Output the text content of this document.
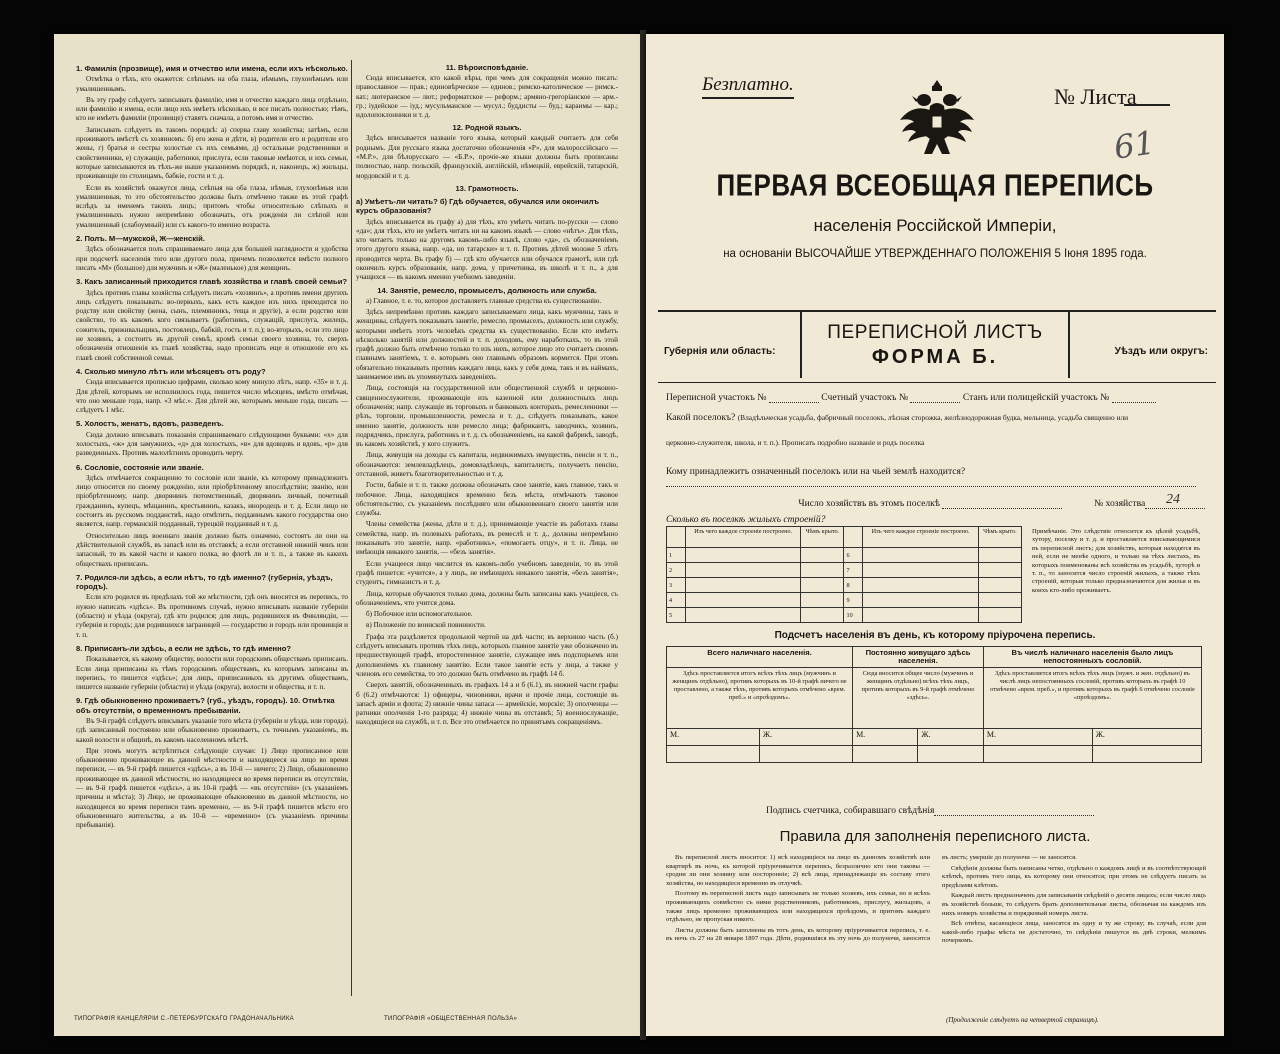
1. Фамилія (прозвище), имя и отчество или имена, если ихъ нѣсколько.

Отмѣтка о тѣхъ, кто окажется: слѣпымъ на оба глаза, нѣмымъ, глухонѣмымъ или умалишеннымъ.

Въ эту графу слѣдуетъ записывать фамилію, имя и отчество каждаго лица отдѣльно, или фамилію и имена, если лицо ихъ имѣетъ нѣсколько, и все писать полностью; тѣмъ, кто не имѣетъ фамиліи (прозвище) ставятъ сначала, а потомъ имя и отчество.

Записывать слѣдуетъ въ такомъ порядкѣ: а) сперва главу хозяйства; затѣмъ, если проживаютъ вмѣстѣ съ хозяиномъ: б) его жена и дѣти, в) родители его и родители его жены, г) братья и сестры холостые съ ихъ семьями, д) остальные родственники и свойственники, е) служащіе, работники, прислуга, если таковые имѣются, и ихъ семьи, которые записываются въ тѣхъ-же выше указанномъ порядкѣ, и, наконецъ, ж) жильцы, проживающіе по столицамъ, бабкіе, гости и т. д.

Если въ хозяйствѣ окажутся лица, слѣпыя на оба глаза, нѣмыя, глухонѣмыя или умалишенныя, то это обстоятельство должны быть отмѣчено также въ этой графѣ вслѣдъ за именемъ такихъ лицъ; притомъ чтобы относительно слѣпыхъ и умалишенныхъ нужно непремѣнно обозначать, отъ рожденія ли слѣпой или умалишенный (слабоумный) или съ какого-то именно возраста.

2. Полъ. М—мужской, Ж—женскій.

Здѣсь обозначается полъ спрашиваемаго лица для большей наглядности и удобства при подсчетѣ населенія того или другого пола, причемъ позволяется вмѣсто полного писать «М» (большое) для мужчинъ и «Ж» (маленькое) для женщинъ.

3. Какъ записанный приходится главѣ хозяйства и главѣ своей семьи?

Здѣсь противъ главы хозяйства слѣдуетъ писать «хозяинъ», а противъ имени другихъ лицъ слѣдуетъ показывать: во-первыхъ, какъ есть каждое изъ нихъ приходится по родству или свойству (жена, сынъ, племянникъ, теща и другіе), а если родство или свойство, то къ какомъ кого связываетъ (работникъ, служащій, прислуга, жилецъ, сожитель, приживальщикъ, постоялецъ, бабкій, гость и т. п.); во-вторыхъ, если это лицо не хозяинъ, а состоитъ въ другой семьѣ, кромѣ семьи своего хозяина, то, сверхъ обозначенія отношенія къ главѣ хозяйства, надо прописать еще и отношеніе его къ главѣ своей собственной семьи.

4. Сколько минуло лѣтъ или мѣсяцевъ отъ роду?

Сюда вписывается прописью цифрами, сколько кому минуло лѣтъ, напр. «35» и т. д. Для дѣтей, которымъ не исполнилось года, пишется число мѣсяцевъ, вмѣсто отмѣчая, что оно меньше года, напр. «3 мѣс.». Для дѣтей же, которымъ меньше года, писать — слѣдуетъ 1 мѣс.

5. Холостъ, женатъ, вдовъ, разведенъ.

Сюда должно вписывать показанія спрашиваемаго слѣдующими буквами: «х» для холостыхъ, «ж» для замужнихъ, «д» для холостыхъ, «в» для вдовцовъ и вдовъ, «р» для разведенныхъ. Противъ малолѣтнихъ проводить черту.

6. Сословіе, состояніе или званіе.

Здѣсь отмѣчается сокращенно то сословіе или званіе, къ которому принадлежитъ лицо относится по своему рожденію, или пріобрѣтенному впослѣдствіи; званію, или пріобрѣтенному, напр. дворянинъ потомственный, дворянинъ личный, почетный гражданинъ, купецъ, мѣщанинъ, крестьянинъ, казакъ, инородецъ и т. д. Если лицо не состоитъ въ русскомъ подданствѣ, надо отмѣтить, подданнымъ какого государства оно является, напр. германскій подданный, турецкій подданный и т. д.

Относительно лицъ военнаго званія должно быть означено, состоятъ ли они на дѣйствительной службѣ, въ запасѣ или въ отставкѣ; а если отставной нижній чинъ или запасный, то въ какой части и какого полка, во флотѣ ли и т. п., а также въ какихъ обществахъ приписанъ.

7. Родился-ли здѣсь, а если нѣтъ, то гдѣ именно? (губернія, уѣздъ, городъ).

Если кто родился въ предѣлахъ той же мѣстности, гдѣ онъ вносится въ перепись, то нужно написать «здѣсь». Въ противномъ случаѣ, нужно вписывать названіе губерніи (области) и уѣзда (округа), гдѣ кто родился; для лицъ, родившихся въ Финляндіи, — губернія и городъ; для родившихся заграницей — государство и городъ или провинція и т. п.

8. Приписанъ-ли здѣсь, а если не здѣсь, то гдѣ именно?

Показывается, къ какому обществу, волости или городскимъ обществамъ приписанъ. Если лица приписаны къ тѣмъ городскимъ обществамъ, къ которымъ записаны въ перепись, то пишется «здѣсь»; для лицъ, приписанныхъ къ другимъ обществамъ, пишется названіе губерніи (области) и уѣзда (округа), волости и общества, и т. п.

9. Гдѣ обыкновенно проживаетъ? (губ., уѣздъ, городъ). 10. Отмѣтка объ отсутствіи, о временномъ пребываніи.

Въ 9-й графѣ слѣдуетъ вписывать указаніе того мѣста (губерніи и уѣзда, или города), гдѣ записанный постоянно или обыкновенно проживаетъ, съ точнымъ указаніемъ, въ какой волости и общинѣ, въ какомъ населенномъ мѣстѣ.

При этомъ могутъ встрѣтиться слѣдующіе случаи: 1) Лицо прописанное или обыкновенно проживающее въ данной мѣстности и находящееся на лицо во время переписи, — въ 9-й графѣ пишется «здѣсь», а въ 10-й — ничего; 2) Лицо, обыкновенно проживающее въ данной мѣстности, но находящееся во время переписи въ отсутствіи, — въ 9-й графѣ пишется «здѣсь», а въ 10-й графѣ — «въ отсутствіи» (съ указаніемъ причины и мѣста); 3) Лицо, не проживающее обыкновенно въ данной мѣстности, но находящееся во время переписи тамъ временно, — въ 9-й графѣ пишется мѣсто его обыкновеннаго жительства, а въ 10-й — «временно» (съ указаніемъ причины пребыванія).

11. Вѣроисповѣданіе.

Сюда вписывается, кто какой вѣры, при чемъ для сокращенія можно писать: православное — прав.; единовѣрческое — единов.; римско-католическое — римск.-кат.; лютеранское — лют.; реформатское — реформ.; армяно-грегоріанское — арм.-гр.; іудейское — іуд.; мусульманское — мусул.; буддисты — буд.; караимы — кар.; идолопоклонники и т. д.

12. Родной языкъ.

Здѣсь вписывается названіе того языка, который каждый считаетъ для себя роднымъ. Для русскаго языка достаточно обозначенія «Р», для малороссійскаго — «М.Р.», для бѣлорусскаго — «Б.Р.», прочіе-же языки должны быть прописаны полностью, напр. польскій, французскій, англійскій, нѣмецкій, еврейскій, татарскій, мордовскій и т. д.

13. Грамотность.

а) Умѣетъ-ли читать? б) Гдѣ обучается, обучался или окончилъ курсъ образованія?

Здѣсь вписывается въ графу а) для тѣхъ, кто умѣетъ читать по-русски — слово «да»; для тѣхъ, кто не умѣетъ читать ни на какомъ языкѣ — слово «нѣтъ». Для тѣхъ, кто читаетъ только на другомъ какомъ-либо языкѣ, слово «да», съ обозначеніемъ этого другого языка, напр. «да, но татарски» и т. п. Противъ дѣтей моложе 5 лѣтъ проводится черта. Въ графу б) — гдѣ кто обучается или обучался грамотѣ, или гдѣ окончилъ курсъ образованія, напр. дома, у причетника, въ школѣ и т. п., а для учащихся — въ какомъ именно учебномъ заведеніи.

14. Занятіе, ремесло, промыселъ, должность или служба.

а) Главное, т. е. то, которое доставляетъ главные средства къ существованію.

Здѣсь непремѣнно противъ каждаго записываемаго лица, какъ мужчины, такъ и женщины, слѣдуетъ показывать занятіе, ремесло, промыселъ, должность или службу, которыми имѣетъ этотъ человѣкъ средства къ существованію. Если кто имѣетъ нѣсколько занятій или должностей и т. п. доходовъ, ему наработкахъ, то въ этой графѣ должно быть отмѣчено только то изъ нихъ, которое лицо это считаетъ своимъ главнымъ занятіемъ, т. е. которымъ оно главнымъ образомъ кормится. При этомъ обязательно показывать противъ каждаго лица, какъ у себя дома, такъ и въ наймахъ, занимаемое имъ въ упомянутыхъ заведеніяхъ.

Лица, состоящія на государственной или общественной службѣ и церковно-священнослужители, проживающіе изъ казенной или должностныхъ лицъ обозначенія; напр. служащіе въ торговыхъ и банковыхъ конторахъ, ремесленники — рѣзъ, торговли, промышленности, ремесла и т. д., слѣдуетъ показывать, какое именно занятіе, должность или ремесло лица; фабрикантъ, заводчикъ, хозяинъ, подрядчикъ, прислуга, работникъ и т. д. съ обозначеніемъ, на какой фабрикѣ, заводѣ, въ какомъ хозяйствѣ, у кого служитъ.

Лица, живущія на доходы съ капитала, недвижимыхъ имуществъ, пенсіи и т. п., обозначаются: землевладѣлецъ, домовладѣлецъ, капиталистъ, получаетъ пенсію, отставной, живетъ благотворительностью и т. д.

Гости, бабкіе и т. п. также должны обозначать свое занятіе, какъ главное, такъ и побочное. Лица, находящіяся временно безъ мѣста, отмѣчаютъ таковое обстоятельство, съ указаніемъ послѣдняго или обыкновеннаго своего занятія или службы.

Члены семейства (жены, дѣти и т. д.), принимающіе участіе въ работахъ главы семейства, напр. въ полевыхъ работахъ, въ ремеслѣ и т. д., должны непремѣнно показывать это занятіе, напр. «работникъ», «помогаетъ отцу», и т. п. Лица, не имѣющія никакого занятія, — «безъ занятія».

Если учащееся лицо числится въ какомъ-либо учебномъ заведеніи, то въ этой графѣ пишется: «учится», а у лицъ, не имѣющихъ никакого занятія, «безъ занятія», студентъ, гимназистъ и т. д.

Лица, которыя обучаются только дома, должны быть записаны какъ учащіеся, съ обозначеніемъ, что учится дома.

б) Побочное или вспомогательное.

в) Положеніе по воинской повинности.

Графа эта раздѣляется продольной чертой на двѣ части; въ верхнюю часть (б.) слѣдуетъ вписывать противъ тѣхъ лицъ, которыхъ главное занятіе уже обозначено въ предшествующей графѣ, второстепенное занятіе, служащее имъ подспорьемъ или дополненіемъ къ главному занятію. Если такое занятіе есть у лица, а также у членовъ его семейства, то это должно быть отмѣчено въ графѣ 14 б.

Сверхъ занятій, обозначенныхъ въ графахъ 14 а и б (6.1), въ нижней части графы б (6.2) отмѣчаются: 1) офицеры, чиновники, врачи и прочіе лица, состоящіе въ запасѣ арміи и флота; 2) нижніе чины запаса — армейскіе, морскіе; 3) ополченцы — ратники ополченія 1-го разряда; 4) нижніе чины въ отставкѣ; 5) военнослужащіе, находящіеся на службѣ, и т. п. Все это отмѣчается по принятымъ сокращеніямъ.

ТИПОГРАФІЯ КАНЦЕЛЯРІИ С.-ПЕТЕРБУРГСКАГО ГРАДОНАЧАЛЬНИКА	ТИПОГРАФІЯ «ОБЩЕСТВЕННАЯ ПОЛЬЗА»
Безплатно.	№ Листа
61
ПЕРВАЯ ВСЕОБЩАЯ ПЕРЕПИСЬ
населенія Россійской Имперіи,
на основаніи ВЫСОЧАЙШЕ УТВЕРЖДЕННАГО ПОЛОЖЕНІЯ 5 Іюня 1895 года.
Губернія или область:
ПЕРЕПИСНОЙ ЛИСТЪ
ФОРМА Б.	Уѣздъ или округъ:
Переписной участокъ №	Счетный участокъ №	Станъ или полицейскій участокъ №
Какой поселокъ? (Владѣльческая усадьба, фабричный поселокъ, лѣсная сторожка, желѣзнодорожная будка, мельница, усадьба священно или
церковно-служителя, школа, и т. п.). Прописать подробно названіе и родъ поселка
Кому принадлежитъ означенный поселокъ или на чьей землѣ находится?
Число хозяйствъ въ этомъ поселкѣ	№ хозяйства	24
Сколько въ поселкѣ жилыхъ строеній?
	Изъ чего каждое строеніе построено.	Чѣмъ крыто.		Изъ чего каждое строеніе построено.	Чѣмъ крыто.
1			6		
2			7		
3			8		
4			9		
5			10		
Примѣчаніе. Это слѣдствіе относится къ цѣлой усадьбѣ, хутору, поселку и т. д. и проставляется вписывающимися въ переписной листъ; для хозяйствъ, которыя находятся въ ней, если не менѣе одного, и только на тѣхъ листахъ, въ которыхъ поименованы всѣ хозяйства въ усадьбѣ, хуторѣ и т. п., то заносится число строеній жилыхъ, а также тѣхъ строеній, которыя только предназначаются для жилья и въ коихъ кто-либо проживаетъ.
Подсчетъ населенія въ день, къ которому пріурочена перепись.
Всего наличнаго населенія.		Постоянно живущаго здѣсь населенія.		Въ числѣ наличнаго населенія было лицъ непостоянныхъ сословій.	
Здѣсь проставляется итогъ всѣхъ тѣхъ лицъ (мужчинъ и женщинъ отдѣльно), противъ которыхъ въ 10-й графѣ ничего не проставлено, а также тѣхъ, противъ которыхъ отмѣчено «врем. преб.» и «проѣздомъ».		Сюда вносится общее число (мужчинъ и женщинъ отдѣльно) всѣхъ тѣхъ лицъ, противъ которыхъ въ 9-й графѣ отмѣчено «здѣсь».		Здѣсь проставляется итогъ всѣхъ тѣхъ лицъ (мужч. и жен. отдѣльно) въ числѣ лицъ непостоянныхъ сословій, противъ которыхъ въ графѣ 10 отмѣчено «врем. преб.», и противъ которыхъ въ графѣ 6 отмѣчено сословіе «проѣздомъ».	
М.	Ж.	М.	Ж.	М.	Ж.

Подпись счетчика, собиравшаго свѣдѣнія
Правила для заполненія переписного листа.

Въ переписной листъ вносится: 1) всѣ находящіеся на лицо въ данномъ хозяйствѣ или квартирѣ въ ночь, къ которой пріурочивается перепись, безразлично кто они таковы — сродни ли они хозяину или посторонніе; 2) всѣ лица, принадлежащіе къ составу этого хозяйства, но находящіеся временно въ отлучкѣ.

Поэтому въ переписной листъ надо записывать не только хозяевъ, ихъ семьи, но и всѣхъ проживающихъ совмѣстно съ ними родственниковъ, работниковъ, прислугу, жильцовъ, а также лицъ временно проживающихъ или находящихся проѣздомъ, и притомъ каждаго отдѣльно, не пропуская никого.

Листы должны быть заполнены въ тотъ день, къ которому пріурочивается перепись, т. е. въ ночь съ 27 на 28 января 1897 года. Дѣти, родившіяся въ эту ночь до полуночи, заносятся въ листъ; умершіе до полуночи — не заносятся.

Свѣдѣнія должны быть написаны четко, отдѣльно о каждомъ лицѣ и въ соотвѣтствующей клѣткѣ, противъ того лица, къ которому они относятся; при этомъ не слѣдуетъ писать за предѣлами клѣтокъ.

Каждый листъ предназначенъ для записыванія свѣдѣній о десяти лицахъ; если число лицъ въ хозяйствѣ больше, то слѣдуетъ брать дополнительные листы, обозначая на каждомъ изъ нихъ номеръ хозяйства и порядковый номеръ листа.

Всѣ отвѣты, касающіеся лица, заносятся въ одну и ту же строку; въ случаѣ, если для какой-либо графы мѣста не достаточно, то свѣдѣнія пишутся въ двѣ строки, мелкимъ почеркомъ.

(Продолженіе слѣдуетъ на четвертой страницѣ).
